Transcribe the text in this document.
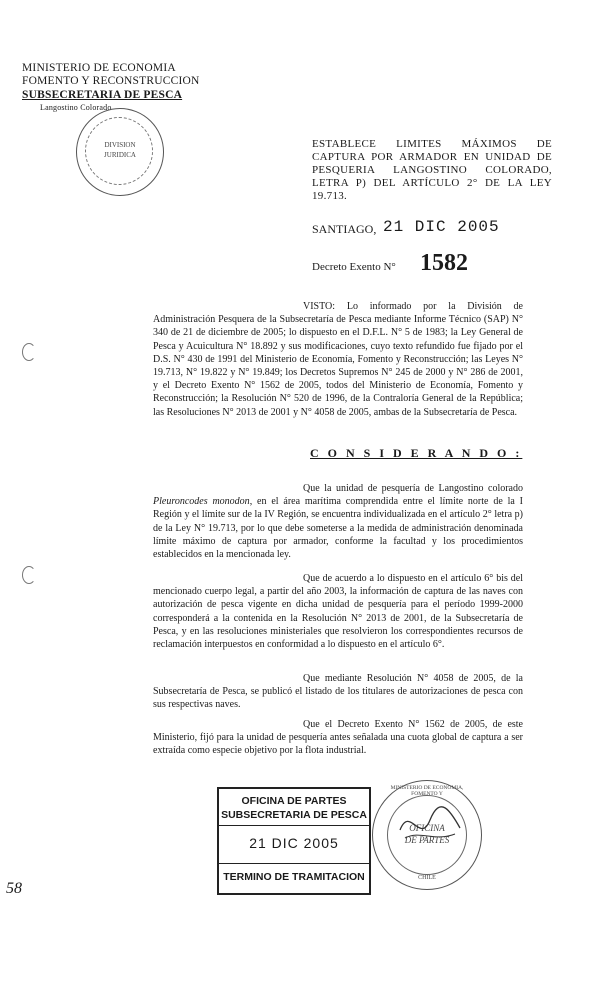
MINISTERIO DE ECONOMIA
FOMENTO Y RECONSTRUCCION
SUBSECRETARIA DE PESCA
Langostino Colorado
DIVISION
JURIDICA
ESTABLECE LIMITES MÁXIMOS DE CAPTURA POR ARMADOR EN UNIDAD DE PESQUERIA LANGOSTINO COLORADO, LETRA P) DEL ARTÍCULO 2° DE LA LEY 19.713.
SANTIAGO, 21 DIC 2005
Decreto Exento N° 1582
VISTO: Lo informado por la División de Administración Pesquera de la Subsecretaría de Pesca mediante Informe Técnico (SAP) N° 340 de 21 de diciembre de 2005; lo dispuesto en el D.F.L. N° 5 de 1983; la Ley General de Pesca y Acuicultura N° 18.892 y sus modificaciones, cuyo texto refundido fue fijado por el D.S. N° 430 de 1991 del Ministerio de Economía, Fomento y Reconstrucción; las Leyes N° 19.713, N° 19.822 y N° 19.849; los Decretos Supremos N° 245 de 2000 y N° 286 de 2001, y el Decreto Exento N° 1562 de 2005, todos del Ministerio de Economía, Fomento y Reconstrucción; la Resolución N° 520 de 1996, de la Contraloría General de la República; las Resoluciones N° 2013 de 2001 y N° 4058 de 2005, ambas de la Subsecretaría de Pesca.
C O N S I D E R A N D O :
Que la unidad de pesquería de Langostino colorado Pleuroncodes monodon, en el área marítima comprendida entre el límite norte de la I Región y el límite sur de la IV Región, se encuentra individualizada en el artículo 2° letra p) de la Ley N° 19.713, por lo que debe someterse a la medida de administración denominada límite máximo de captura por armador, conforme la facultad y los procedimientos establecidos en la mencionada ley.
Que de acuerdo a lo dispuesto en el artículo 6° bis del mencionado cuerpo legal, a partir del año 2003, la información de captura de las naves con autorización de pesca vigente en dicha unidad de pesquería para el período 1999-2000 corresponderá a la contenida en la Resolución N° 2013 de 2001, de la Subsecretaría de Pesca, y en las resoluciones ministeriales que resolvieron los correspondientes recursos de reclamación interpuestos en conformidad a lo dispuesto en el artículo 6°.
Que mediante Resolución N° 4058 de 2005, de la Subsecretaría de Pesca, se publicó el listado de los titulares de autorizaciones de pesca con sus respectivas naves.
Que el Decreto Exento N° 1562 de 2005, de este Ministerio, fijó para la unidad de pesquería antes señalada una cuota global de captura a ser extraída como especie objetivo por la flota industrial.
OFICINA DE PARTES
SUBSECRETARIA DE PESCA
21 DIC 2005
TERMINO DE TRAMITACION
MINISTERIO DE ECONOMIA, FOMENTO Y
OFICINA
DE PARTES
CHILE
58
